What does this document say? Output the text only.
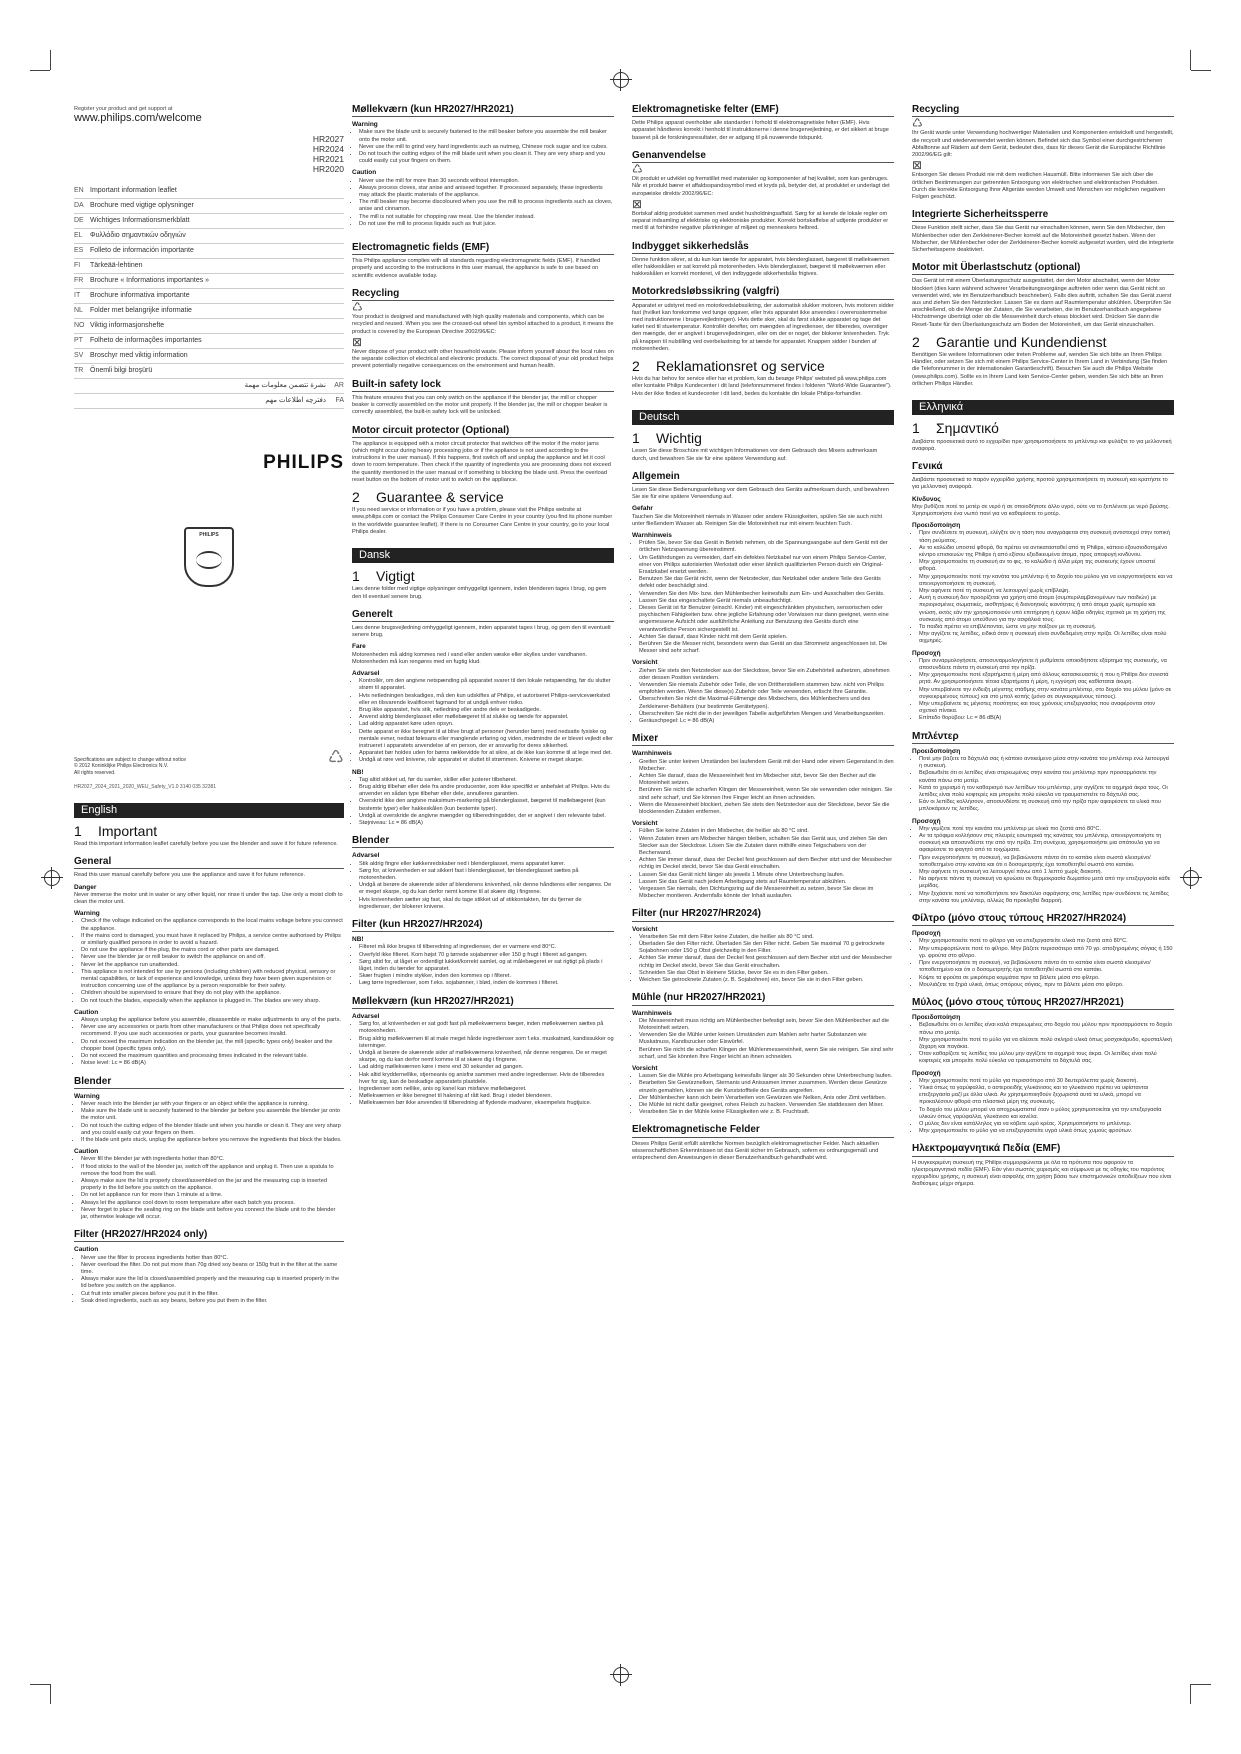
Register your product and get support at

www.philips.com/welcome
HR2027
HR2024
HR2021
HR2020
EN Important information leaflet
DA Brochure med vigtige oplysninger
DE Wichtiges Informationsmerkblatt
EL	Φυλλάδιο σημαντικών οδηγιών
ES Folleto de información importante
FI	Tärkeää-lehtinen
FR Brochure « Informations importantes »
IT	Brochure informativa importante
NL	Folder met belangrijke informatie
NO Viktig informasjonshefte
PT	Folheto de informações importantes
SV Broschyr med viktig information
TR Önemli bilgi broşürü
AR
نشرة تتضمن معلومات مهمة
FA
دفترچه اطلاعات مهم
PHILIPS
PHILIPS
Specifications are subject to change without notice
© 2012 Koninklijke Philips Electronics N.V.
All rights reserved.
♺
HR2027_2024_2021_2020_WEU_Safety_V1.0 3140 035 32381
English
1 Important

Read this important information leaflet carefully before you use the blender and save it for future reference.

General

Read this user manual carefully before you use the appliance and save it for future reference.

Danger

Never immerse the motor unit in water or any other liquid, nor rinse it under the tap. Use only a moist cloth to clean the motor unit.

Warning
• Check if the voltage indicated on the appliance corresponds to the local mains voltage before you connect the appliance.
• If the mains cord is damaged, you must have it replaced by Philips, a service centre authorised by Philips or similarly qualified persons in order to avoid a hazard.
• Do not use the appliance if the plug, the mains cord or other parts are damaged.
• Never use the blender jar or mill beaker to switch the appliance on and off.
• Never let the appliance run unattended.
• This appliance is not intended for use by persons (including children) with reduced physical, sensory or mental capabilities, or lack of experience and knowledge, unless they have been given supervision or instruction concerning use of the appliance by a person responsible for their safety.
• Children should be supervised to ensure that they do not play with the appliance.
• Do not touch the blades, especially when the appliance is plugged in. The blades are very sharp.
Caution
• Always unplug the appliance before you assemble, disassemble or make adjustments to any of the parts.
• Never use any accessories or parts from other manufacturers or that Philips does not specifically recommend. If you use such accessories or parts, your guarantee becomes invalid.
• Do not exceed the maximum indication on the blender jar, the mill (specific types only) beaker and the chopper bowl (specific types only).
• Do not exceed the maximum quantities and processing times indicated in the relevant table.
• Noise level: Lc = 86 dB(A)
Blender
Warning
• Never reach into the blender jar with your fingers or an object while the appliance is running.
• Make sure the blade unit is securely fastened to the blender jar before you assemble the blender jar onto the motor unit.
• Do not touch the cutting edges of the blender blade unit when you handle or clean it. They are very sharp and you could easily cut your fingers on them.
• If the blade unit gets stuck, unplug the appliance before you remove the ingredients that block the blades.
Caution
• Never fill the blender jar with ingredients hotter than 80°C.
• If food sticks to the wall of the blender jar, switch off the appliance and unplug it. Then use a spatula to remove the food from the wall.
• Always make sure the lid is properly closed/assembled on the jar and the measuring cup is inserted properly in the lid before you switch on the appliance.
• Do not let appliance run for more than 1 minute at a time.
• Always let the appliance cool down to room temperature after each batch you process.
• Never forget to place the sealing ring on the blade unit before you connect the blade unit to the blender jar, otherwise leakage will occur.
Filter (HR2027/HR2024 only)
Caution
• Never use the filter to process ingredients hotter than 80°C.
• Never overload the filter. Do not put more than 70g dried soy beans or 150g fruit in the filter at the same time.
• Always make sure the lid is closed/assembled properly and the measuring cup is inserted properly in the lid before you switch on the appliance.
• Cut fruit into smaller pieces before you put it in the filter.
• Soak dried ingredients, such as soy beans, before you put them in the filter.
Møllekværn (kun HR2027/HR2021)
Warning
• Make sure the blade unit is securely fastened to the mill beaker before you assemble the mill beaker onto the motor unit.
• Never use the mill to grind very hard ingredients such as nutmeg, Chinese rock sugar and ice cubes.
• Do not touch the cutting edges of the mill blade unit when you clean it. They are very sharp and you could easily cut your fingers on them.
Caution
• Never use the mill for more than 30 seconds without interruption.
• Always process cloves, star anise and aniseed together. If processed separately, these ingredients may attack the plastic materials of the appliance.
• The mill beaker may become discoloured when you use the mill to process ingredients such as cloves, anise and cinnamon.
• The mill is not suitable for chopping raw meat. Use the blender instead.
• Do not use the mill to process liquids such as fruit juice.
Electromagnetic fields (EMF)

This Philips appliance complies with all standards regarding electromagnetic fields (EMF). If handled properly and according to the instructions in this user manual, the appliance is safe to use based on scientific evidence available today.

Recycling
♺

Your product is designed and manufactured with high quality materials and components, which can be recycled and reused. When you see the crossed-out wheel bin symbol attached to a product, it means the product is covered by the European Directive 2002/96/EC:

⊠

Never dispose of your product with other household waste. Please inform yourself about the local rules on the separate collection of electrical and electronic products. The correct disposal of your old product helps prevent potentially negative consequences on the environment and human health.

Built-in safety lock

This feature ensures that you can only switch on the appliance if the blender jar, the mill or chopper beaker is correctly assembled on the motor unit properly. If the blender jar, the mill or chopper beaker is correctly assembled, the built-in safety lock will be unlocked.

Motor circuit protector (Optional)

The appliance is equipped with a motor circuit protector that switches off the motor if the motor jams (which might occur during heavy processing jobs or if the appliance is not used according to the instructions in the user manual). If this happens, first switch off and unplug the appliance and let it cool down to room temperature. Then check if the quantity of ingredients you are processing does not exceed the quantity mentioned in the user manual or if something is blocking the blade unit. Press the overload reset button on the bottom of motor unit to switch on the appliance.

2 Guarantee & service

If you need service or information or if you have a problem, please visit the Philips website at www.philips.com or contact the Philips Consumer Care Centre in your country (you find its phone number in the worldwide guarantee leaflet). If there is no Consumer Care Centre in your country, go to your local Philips dealer.

Dansk
1 Vigtigt

Læs denne folder med vigtige oplysninger omhyggeligt igennem, inden blenderen tages i brug, og gem den til eventuel senere brug.

Generelt

Læs denne brugsvejledning omhyggeligt igennem, inden apparatet tages i brug, og gem den til eventuelt senere brug.

Fare

Motorenheden må aldrig kommes ned i vand eller anden væske eller skylles under vandhanen. Motorenheden må kun rengøres med en fugtig klud.

Advarsel
• Kontrollér, om den angivne netspænding på apparatet svarer til den lokale netspænding, før du slutter strøm til apparatet.
• Hvis netledningen beskadiges, må den kun udskiftes af Philips, et autoriseret Philips-serviceværksted eller en tilsvarende kvalificeret fagmand for at undgå enhver risiko.
• Brug ikke apparatet, hvis stik, netledning eller andre dele er beskadigede.
• Anvend aldrig blenderglasset eller møllebægeret til at slukke og tænde for apparatet.
• Lad aldrig apparatet køre uden opsyn.
• Dette apparat er ikke beregnet til at blive brugt af personer (herunder børn) med nedsatte fysiske og mentale evner, nedsat følesans eller manglende erfaring og viden, medmindre de er blevet vejledt eller instrueret i apparatets anvendelse af en person, der er ansvarlig for deres sikkerhed.
• Apparatet bør holdes uden for børns rækkevidde for at sikre, at de ikke kan komme til at lege med det.
• Undgå at røre ved knivene, når apparatet er sluttet til strømmen. Knivene er meget skarpe.
NB!
• Tag altid stikket ud, før du samler, skiller eller justerer tilbehøret.
• Brug aldrig tilbehør eller dele fra andre producenter, som ikke specifikt er anbefalet af Philips. Hvis du anvender en sådan type tilbehør eller dele, annulleres garantien.
• Overskrid ikke den angivne maksimum-markering på blenderglasset, bægeret til møllebægeret (kun bestemte typer) eller hakkeskålen (kun bestemte typer).
• Undgå at overskride de angivne mængder og tilberedningstider, der er angivet i den relevante tabel.
• Støjniveau: Lc = 86 dB(A)
Blender
Advarsel
• Stik aldrig fingre eller køkkenredskaber ned i blenderglasset, mens apparatet kører.
• Sørg for, at knivenheden er sat sikkert fast i blenderglasset, før blenderglasset sættes på motorenheden.
• Undgå at berøre de skærende sider af blenderens knivenhed, når denne håndteres eller rengøres. De er meget skarpe, og du kan derfor nemt komme til at skære dig i fingrene.
• Hvis knivenheden sætter sig fast, skal du tage stikket ud af stikkontakten, før du fjerner de ingredienser, der blokerer knivene.
Filter (kun HR2027/HR2024)
NB!
• Filteret må ikke bruges til tilberedning af ingredienser, der er varmere end 80°C.
• Overfyld ikke filteret. Kom højst 70 g tørrede sojabønner eller 150 g frugt i filteret ad gangen.
• Sørg altid for, at låget er ordentligt lukket/korrekt samlet, og at målebægeret er sat rigtigt på plads i låget, inden du tænder for apparatet.
• Skær frugten i mindre stykker, inden den kommes op i filteret.
• Læg tørre ingredienser, som f.eks. sojabønner, i blød, inden de kommes i filteret.
Møllekværn (kun HR2027/HR2021)
Advarsel
• Sørg for, at knivenheden er sat godt fast på møllekværnens bæger, inden møllekværnen sættes på motorenheden.
• Brug aldrig møllekværnen til at male meget hårde ingredienser som f.eks. muskatnød, kandissukker og isterninger.
• Undgå at berøre de skærende sider af møllekværnens knivenhed, når denne rengøres. De er meget skarpe, og du kan derfor nemt komme til at skære dig i fingrene.
• Lad aldrig møllekværnen køre i mere end 30 sekunder ad gangen.
• Hak altid kryddernellike, stjerneanis og anisfrø sammen med andre ingredienser. Hvis de tilberedes hver for sig, kan de beskadige apparatets plastdele.
• Ingredienser som nellike, anis og kanel kan misfarve møllebægeret.
• Møllekværnen er ikke beregnet til hakning af rått kød. Brug i stedet blenderen.
• Møllekværnen bør ikke anvendes til tilberedning af flydende madvarer, eksempelvis frugtjuice.
Elektromagnetiske felter (EMF)

Dette Philips apparat overholder alle standarder i forhold til elektromagnetiske felter (EMF). Hvis apparatet håndteres korrekt i henhold til instruktionerne i denne brugervejledning, er det sikkert at bruge baseret på de forskningsresultater, der er adgang til på nuværende tidspunkt.

Genanvendelse
♺

Dit produkt er udviklet og fremstillet med materialer og komponenter af høj kvalitet, som kan genbruges. Når et produkt bærer et affaldsspandssymbol med et kryds på, betyder det, at produktet er underlagt det europæiske direktiv 2002/96/EC:

⊠

Bortskaf aldrig produktet sammen med andet husholdningsaffald. Sørg for at kende de lokale regler om separat indsamling af elektriske og elektroniske produkter. Korrekt bortskaffelse af udtjente produkter er med til at forhindre negative påvirkninger af miljøet og menneskers helbred.

Indbygget sikkerhedslås

Denne funktion sikrer, at du kun kan tænde for apparatet, hvis blenderglasset, bægeret til møllekværnen eller hakkeskålen er sat korrekt på motorenheden. Hvis blenderglasset, bægeret til møllekværnen eller hakkeskålen er korrekt monteret, vil den indbyggede sikkerhedslås frigives.

Motorkredsløbssikring (valgfri)

Apparatet er udstyret med en motorkredsløbssikring, der automatisk slukker motoren, hvis motoren sidder fast (hvilket kan forekomme ved tunge opgaver, eller hvis apparatet ikke anvendes i overensstemmelse med instruktionerne i brugervejledningen). Hvis dette sker, skal du først slukke apparatet og tage det kølet ned til stuetemperatur. Kontrollér derefter, om mængden af ingredienser, der tilberedes, overstiger den mængde, der er angivet i brugervejledningen, eller om der er noget, der blokerer knivenheden. Tryk på knappen til nulstilling ved overbelastning for at tænde for apparatet. Knappen sidder i bunden af motorenheden.

2 Reklamationsret og service

Hvis du har behov for service eller har et problem, kan du besøge Philips' websted på www.philips.com eller kontakte Philips Kundecenter i dit land (telefonnummeret findes i folderen "World-Wide Guarantee"). Hvis der ikke findes et kundecenter i dit land, bedes du kontakte din lokale Philips-forhandler.

Deutsch
1 Wichtig

Lesen Sie diese Broschüre mit wichtigen Informationen vor dem Gebrauch des Mixers aufmerksam durch, und bewahren Sie sie für eine spätere Verwendung auf.

Allgemein

Lesen Sie diese Bedienungsanleitung vor dem Gebrauch des Geräts aufmerksam durch, und bewahren Sie sie für eine spätere Verwendung auf.

Gefahr

Tauchen Sie die Motoreinheit niemals in Wasser oder andere Flüssigkeiten, spülen Sie sie auch nicht unter fließendem Wasser ab. Reinigen Sie die Motoreinheit nur mit einem feuchten Tuch.

Warnhinweis
• Prüfen Sie, bevor Sie das Gerät in Betrieb nehmen, ob die Spannungsangabe auf dem Gerät mit der örtlichen Netzspannung übereinstimmt.
• Um Gefährdungen zu vermeiden, darf ein defektes Netzkabel nur von einem Philips Service-Center, einer von Philips autorisierten Werkstatt oder einer ähnlich qualifizierten Person durch ein Original-Ersatzkabel ersetzt werden.
• Benutzen Sie das Gerät nicht, wenn der Netzstecker, das Netzkabel oder andere Teile des Geräts defekt oder beschädigt sind.
• Verwenden Sie den Mix- bzw. den Mühlenbecher keinesfalls zum Ein- und Ausschalten des Geräts.
• Lassen Sie das eingeschaltete Gerät niemals unbeaufsichtigt.
• Dieses Gerät ist für Benutzer (einschl. Kinder) mit eingeschränkten physischen, sensorischen oder psychischen Fähigkeiten bzw. ohne jegliche Erfahrung oder Vorwissen nur dann geeignet, wenn eine angemessene Aufsicht oder ausführliche Anleitung zur Benutzung des Geräts durch eine verantwortliche Person sichergestellt ist.
• Achten Sie darauf, dass Kinder nicht mit dem Gerät spielen.
• Berühren Sie die Messer nicht, besonders wenn das Gerät an das Stromnetz angeschlossen ist. Die Messer sind sehr scharf.
Vorsicht
• Ziehen Sie stets den Netzstecker aus der Steckdose, bevor Sie ein Zubehörteil aufsetzen, abnehmen oder dessen Position verändern.
• Verwenden Sie niemals Zubehör oder Teile, die von Drittherstellern stammen bzw. nicht von Philips empfohlen werden. Wenn Sie diese(s) Zubehör oder Teile verwenden, erlischt Ihre Garantie.
• Überschreiten Sie nicht die Maximal-Füllmenge des Mixbechers, des Mühlenbechers und des Zerkleinerer-Behälters (nur bestimmte Gerätetypen).
• Überschreiten Sie nicht die in der jeweiligen Tabelle aufgeführten Mengen und Verarbeitungszeiten.
• Geräuschpegel: Lc = 86 dB(A)
Mixer
Warnhinweis
• Greifen Sie unter keinen Umständen bei laufendem Gerät mit der Hand oder einem Gegenstand in den Mixbecher.
• Achten Sie darauf, dass die Messereinheit fest im Mixbecher sitzt, bevor Sie den Becher auf die Motoreinheit setzen.
• Berühren Sie nicht die scharfen Klingen der Messereinheit, wenn Sie sie verwenden oder reinigen. Sie sind sehr scharf, und Sie können Ihre Finger leicht an ihnen schneiden.
• Wenn die Messereinheit blockiert, ziehen Sie stets den Netzstecker aus der Steckdose, bevor Sie die blockierenden Zutaten entfernen.
Vorsicht
• Füllen Sie keine Zutaten in den Mixbecher, die heißer als 80 °C sind.
• Wenn Zutaten innen am Mixbecher hängen bleiben, schalten Sie das Gerät aus, und ziehen Sie den Stecker aus der Steckdose. Lösen Sie die Zutaten dann mithilfe eines Teigschabers von der Becherwand.
• Achten Sie immer darauf, dass der Deckel fest geschlossen auf dem Becher sitzt und der Messbecher richtig im Deckel steckt, bevor Sie das Gerät einschalten.
• Lassen Sie das Gerät nicht länger als jeweils 1 Minute ohne Unterbrechung laufen.
• Lassen Sie das Gerät nach jedem Arbeitsgang stets auf Raumtemperatur abkühlen.
• Vergessen Sie niemals, den Dichtungsring auf die Messereinheit zu setzen, bevor Sie diese im Mixbecher montieren. Andernfalls könnte der Inhalt auslaufen.
Filter (nur HR2027/HR2024)
Vorsicht
• Verarbeiten Sie mit dem Filter keine Zutaten, die heißer als 80 °C sind.
• Überladen Sie den Filter nicht. Überladen Sie den Filter nicht. Geben Sie maximal 70 g getrocknete Sojabohnen oder 150 g Obst gleichzeitig in den Filter.
• Achten Sie immer darauf, dass der Deckel fest geschlossen auf dem Becher sitzt und der Messbecher richtig im Deckel steckt, bevor Sie das Gerät einschalten.
• Schneiden Sie das Obst in kleinere Stücke, bevor Sie es in den Filter geben.
• Weichen Sie getrocknete Zutaten (z. B. Sojabohnen) ein, bevor Sie sie in den Filter geben.
Mühle (nur HR2027/HR2021)
Warnhinweis
• Die Messereinheit muss richtig am Mühlenbecher befestigt sein, bevor Sie den Mühlenbecher auf die Motoreinheit setzen.
• Verwenden Sie die Mühle unter keinen Umständen zum Mahlen sehr harter Substanzen wie Muskatnuss, Kandiszucker oder Eiswürfel.
• Berühren Sie nicht die scharfen Klingen der Mühlenmessereinheit, wenn Sie sie reinigen. Sie sind sehr scharf, und Sie könnten Ihre Finger leicht an ihnen schneiden.
Vorsicht
• Lassen Sie die Mühle pro Arbeitsgang keinesfalls länger als 30 Sekunden ohne Unterbrechung laufen.
• Bearbeiten Sie Gewürznelken, Sternanis und Anissamen immer zusammen. Werden diese Gewürze einzeln gemahlen, können sie die Kunststoffteile des Geräts angreifen.
• Der Mühlenbecher kann sich beim Verarbeiten von Gewürzen wie Nelken, Anis oder Zimt verfärben.
• Die Mühle ist nicht dafür geeignet, rohes Fleisch zu hacken. Verwenden Sie stattdessen den Mixer.
• Verarbeiten Sie in der Mühle keine Flüssigkeiten wie z. B. Fruchtsaft.
Elektromagnetische Felder

Dieses Philips Gerät erfüllt sämtliche Normen bezüglich elektromagnetischer Felder. Nach aktuellen wissenschaftlichen Erkenntnissen ist das Gerät sicher im Gebrauch, sofern es ordnungsgemäß und entsprechend den Anweisungen in dieser Benutzerhandbuch gehandhabt wird.

Recycling
♺

Ihr Gerät wurde unter Verwendung hochwertiger Materialien und Komponenten entwickelt und hergestellt, die recycelt und wiederverwendet werden können. Befindet sich das Symbol einer durchgestrichenen Abfalltonne auf Rädern auf dem Gerät, bedeutet dies, dass für dieses Gerät die Europäische Richtlinie 2002/96/EG gilt:

⊠

Entsorgen Sie dieses Produkt nie mit dem restlichen Hausmüll. Bitte informieren Sie sich über die örtlichen Bestimmungen zur getrennten Entsorgung von elektrischen und elektronischen Produkten. Durch die korrekte Entsorgung Ihrer Altgeräte werden Umwelt und Menschen vor möglichen negativen Folgen geschützt.

Integrierte Sicherheitssperre

Diese Funktion stellt sicher, dass Sie das Gerät nur einschalten können, wenn Sie den Mixbecher, den Mühlenbecher oder den Zerkleinerer-Becher korrekt auf die Motoreinheit gesetzt haben. Wenn der Mixbecher, der Mühlenbecher oder der Zerkleinerer-Becher korrekt aufgesetzt wurden, wird die integrierte Sicherheitssperre deaktiviert.

Motor mit Überlastschutz (optional)

Das Gerät ist mit einem Überlastungsschutz ausgestattet, der den Motor abschaltet, wenn der Motor blockiert (dies kann während schwerer Verarbeitungsvorgänge auftreten oder wenn das Gerät nicht so verwendet wird, wie im Benutzerhandbuch beschrieben). Falls dies auftritt, schalten Sie das Gerät zuerst aus und ziehen Sie den Netzstecker. Lassen Sie es dann auf Raumtemperatur abkühlen. Überprüfen Sie anschließend, ob die Menge der Zutaten, die Sie verarbeiten, die im Benutzerhandbuch angegebene Höchstmenge überträgt oder ob die Messereinheit durch etwas blockiert wird. Drücken Sie dann die Reset-Taste für den Überlastungsschutz am Boden der Motoreinheit, um das Gerät einzuschalten.

2 Garantie und Kundendienst

Benötigen Sie weitere Informationen oder treten Probleme auf, wenden Sie sich bitte an Ihren Philips Händler, oder setzen Sie sich mit einem Philips Service-Center in Ihrem Land in Verbindung (Sie finden die Telefonnummer in der internationalen Garantieschrift). Besuchen Sie auch die Philips Website (www.philips.com). Sollte es in Ihrem Land kein Service-Center geben, wenden Sie sich bitte an Ihren örtlichen Philips Händler.

Ελληνικά
1 Σημαντικό

Διαβάστε προσεκτικά αυτό το εγχειρίδιο πριν χρησιμοποιήσετε το μπλέντερ και φυλάξτε το για μελλοντική αναφορά.

Γενικά

Διαβάστε προσεκτικά το παρόν εγχειρίδιο χρήσης προτού χρησιμοποιήσετε τη συσκευή και κρατήστε το για μελλοντική αναφορά.

Κίνδυνος

Μην βυθίζετε ποτέ το μοτέρ σε νερό ή σε οποιοδήποτε άλλο υγρό, ούτε να το ξεπλένετε με νερό βρύσης. Χρησιμοποιήστε ένα νωπό πανί για να καθαρίσετε το μοτέρ.

Προειδοποίηση
• Πριν συνδέσετε τη συσκευή, ελέγξτε αν η τάση που αναγράφεται στη συσκευή αντιστοιχεί στην τοπική τάση ρεύματος.
• Αν το καλώδιο υποστεί φθορά, θα πρέπει να αντικατασταθεί από τη Philips, κάποιο εξουσιοδοτημένο κέντρο επισκευών της Philips ή από εξίσου εξειδικευμένα άτομα, προς αποφυγή κινδύνου.
• Μην χρησιμοποιείτε τη συσκευή αν το φις, το καλώδιο ή άλλα μέρη της συσκευής έχουν υποστεί φθορά.
• Μην χρησιμοποιείτε ποτέ την κανάτα του μπλέντερ ή το δοχείο του μύλου για να ενεργοποιήσετε και να απενεργοποιήσετε τη συσκευή.
• Μην αφήνετε ποτέ τη συσκευή να λειτουργεί χωρίς επίβλεψη.
• Αυτή η συσκευή δεν προορίζεται για χρήση από άτομα (συμπεριλαμβανομένων των παιδιών) με περιορισμένες σωματικές, αισθητήριες ή διανοητικές ικανότητες ή από άτομα χωρίς εμπειρία και γνώση, εκτός εάν την χρησιμοποιούν υπό επιτήρηση ή έχουν λάβει οδηγίες σχετικά με τη χρήση της συσκευής από άτομο υπεύθυνο για την ασφάλειά τους.
• Τα παιδιά πρέπει να επιβλέπονται, ώστε να μην παίζουν με τη συσκευή.
• Μην αγγίζετε τις λεπίδες, ειδικά όταν η συσκευή είναι συνδεδεμένη στην πρίζα. Οι λεπίδες είναι πολύ αιχμηρές.
Προσοχή
• Πριν συναρμολογήσετε, αποσυναρμολογήσετε ή ρυθμίσετε οποιοδήποτε εξάρτημα της συσκευής, να αποσυνδέετε πάντα τη συσκευή από την πρίζα.
• Μην χρησιμοποιείτε ποτέ εξαρτήματα ή μέρη από άλλους κατασκευαστές ή που η Philips δεν συνιστά ρητά. Αν χρησιμοποιήσετε τέτοια εξαρτήματα ή μέρη, η εγγύησή σας καθίσταται άκυρη.
• Μην υπερβαίνετε την ένδειξη μέγιστης στάθμης στην κανάτα μπλέντερ, στο δοχείο του μύλου (μόνο σε συγκεκριμένους τύπους) και στο μπολ κοπής (μόνο σε συγκεκριμένους τύπους).
• Μην υπερβαίνετε τις μέγιστες ποσότητες και τους χρόνους επεξεργασίας που αναφέρονται στον σχετικό πίνακα.
• Επίπεδο θορύβου: Lc = 86 dB(A)
Μπλέντερ
Προειδοποίηση
• Ποτέ μην βάζετε τα δάχτυλά σας ή κάποιο αντικείμενο μέσα στην κανάτα του μπλέντερ ενώ λειτουργεί η συσκευή.
• Βεβαιωθείτε ότι οι λεπίδες είναι στερεωμένες στην κανάτα του μπλέντερ πριν προσαρμόσετε την κανάτα πάνω στο μοτέρ.
• Κατά το χειρισμό ή τον καθαρισμό των λεπίδων του μπλέντερ, μην αγγίζετε τα αιχμηρά άκρα τους. Οι λεπίδες είναι πολύ κοφτερές και μπορείτε πολύ εύκολα να τραυματιστείτε τα δάχτυλά σας.
• Εάν οι λεπίδες κολλήσουν, αποσυνδέστε τη συσκευή από την πρίζα πριν αφαιρέσετε τα υλικά που μπλοκάρουν τις λεπίδες.
Προσοχή
• Μην γεμίζετε ποτέ την κανάτα του μπλέντερ με υλικά πιο ζεστά από 80°C.
• Αν τα τρόφιμα κολλήσουν στις πλευρές εσωτερικά της κανάτας του μπλέντερ, απενεργοποιήστε τη συσκευή και αποσυνδέστε την από την πρίζα. Στη συνέχεια, χρησιμοποιήστε μια σπάτουλα για να αφαιρέσετε το φαγητό από τα τοιχώματα.
• Πριν ενεργοποιήσετε τη συσκευή, να βεβαιώνεστε πάντα ότι το καπάκι είναι σωστά κλεισμένο/τοποθετημένο στην κανάτα και ότι ο δοσομετρητής έχει τοποθετηθεί σωστά στο καπάκι.
• Μην αφήνετε τη συσκευή να λειτουργεί πάνω από 1 λεπτό χωρίς διακοπή.
• Να αφήνετε πάντα τη συσκευή να κρυώσει σε θερμοκρασία δωματίου μετά από την επεξεργασία κάθε μερίδας.
• Μην ξεχάσετε ποτέ να τοποθετήσετε τον δακτύλιο σφράγισης στις λεπίδες πριν συνδέσετε τις λεπίδες στην κανάτα του μπλέντερ, αλλιώς θα προκληθεί διαρροή.
Φίλτρο (μόνο στους τύπους HR2027/HR2024)
Προσοχή
• Μην χρησιμοποιείτε ποτέ το φίλτρο για να επεξεργαστείτε υλικά πιο ζεστά από 80°C.
• Μην υπερφορτώνετε ποτέ το φίλτρο. Μην βάζετε περισσότερο από 70 γρ. αποξηραμένης σόγιας ή 150 γρ. φρούτα στο φίλτρο.
• Πριν ενεργοποιήσετε τη συσκευή, να βεβαιώνεστε πάντα ότι το καπάκι είναι σωστά κλεισμένο/τοποθετημένο και ότι ο δοσομετρητής έχει τοποθετηθεί σωστά στο καπάκι.
• Κόψτε τα φρούτα σε μικρότερα κομμάτια πριν τα βάλετε μέσα στο φίλτρο.
• Μουλιάζετε τα ξηρά υλικά, όπως σπόρους σόγιας, πριν τα βάλετε μέσα στο φίλτρο.
Μύλος (μόνο στους τύπους HR2027/HR2021)
Προειδοποίηση
• Βεβαιωθείτε ότι οι λεπίδες είναι καλά στερεωμένες στο δοχείο του μύλου πριν προσαρμόσετε το δοχείο πάνω στο μοτέρ.
• Μην χρησιμοποιείτε ποτέ το μύλο για να αλέσετε πολύ σκληρά υλικά όπως μοσχοκάρυδο, κρυσταλλική ζάχαρη και παγάκια.
• Όταν καθαρίζετε τις λεπίδες του μύλου μην αγγίζετε τα αιχμηρά τους άκρα. Οι λεπίδες είναι πολύ κοφτερές και μπορείτε πολύ εύκολα να τραυματιστείτε τα δάχτυλά σας.
Προσοχή
• Μην χρησιμοποιείτε ποτέ το μύλο για περισσότερο από 30 δευτερόλεπτα χωρίς διακοπή.
• Υλικά όπως τα γαρύφαλλα, ο αστεροειδής γλυκάνισος και το γλυκάνισο πρέπει να υφίστανται επεξεργασία μαζί με άλλα υλικά. Αν χρησιμοποιηθούν ξεχωριστά αυτά τα υλικά, μπορεί να προκαλέσουν φθορά στα πλαστικά μέρη της συσκευής.
• Το δοχείο του μύλου μπορεί να αποχρωματιστεί όταν ο μύλος χρησιμοποιείται για την επεξεργασία υλικών όπως γαρύφαλλα, γλυκάνισο και κανέλα.
• Ο μύλος δεν είναι κατάλληλος για να κόβετε ωμό κρέας. Χρησιμοποιήστε το μπλέντερ.
• Μην χρησιμοποιείτε το μύλο για να επεξεργαστείτε υγρά υλικά όπως χυμούς φρούτων.
Ηλεκτρομαγνητικά Πεδία (EMF)

Η συγκεκριμένη συσκευή της Philips συμμορφώνεται με όλα τα πρότυπα που αφορούν τα ηλεκτρομαγνητικά πεδία (EMF). Εάν γίνει σωστός χειρισμός και σύμφωνα με τις οδηγίες του παρόντος εγχειριδίου χρήσης, η συσκευή είναι ασφαλής στη χρήση βάσει των επιστημονικών αποδείξεων που είναι διαθέσιμες μέχρι σήμερα.
